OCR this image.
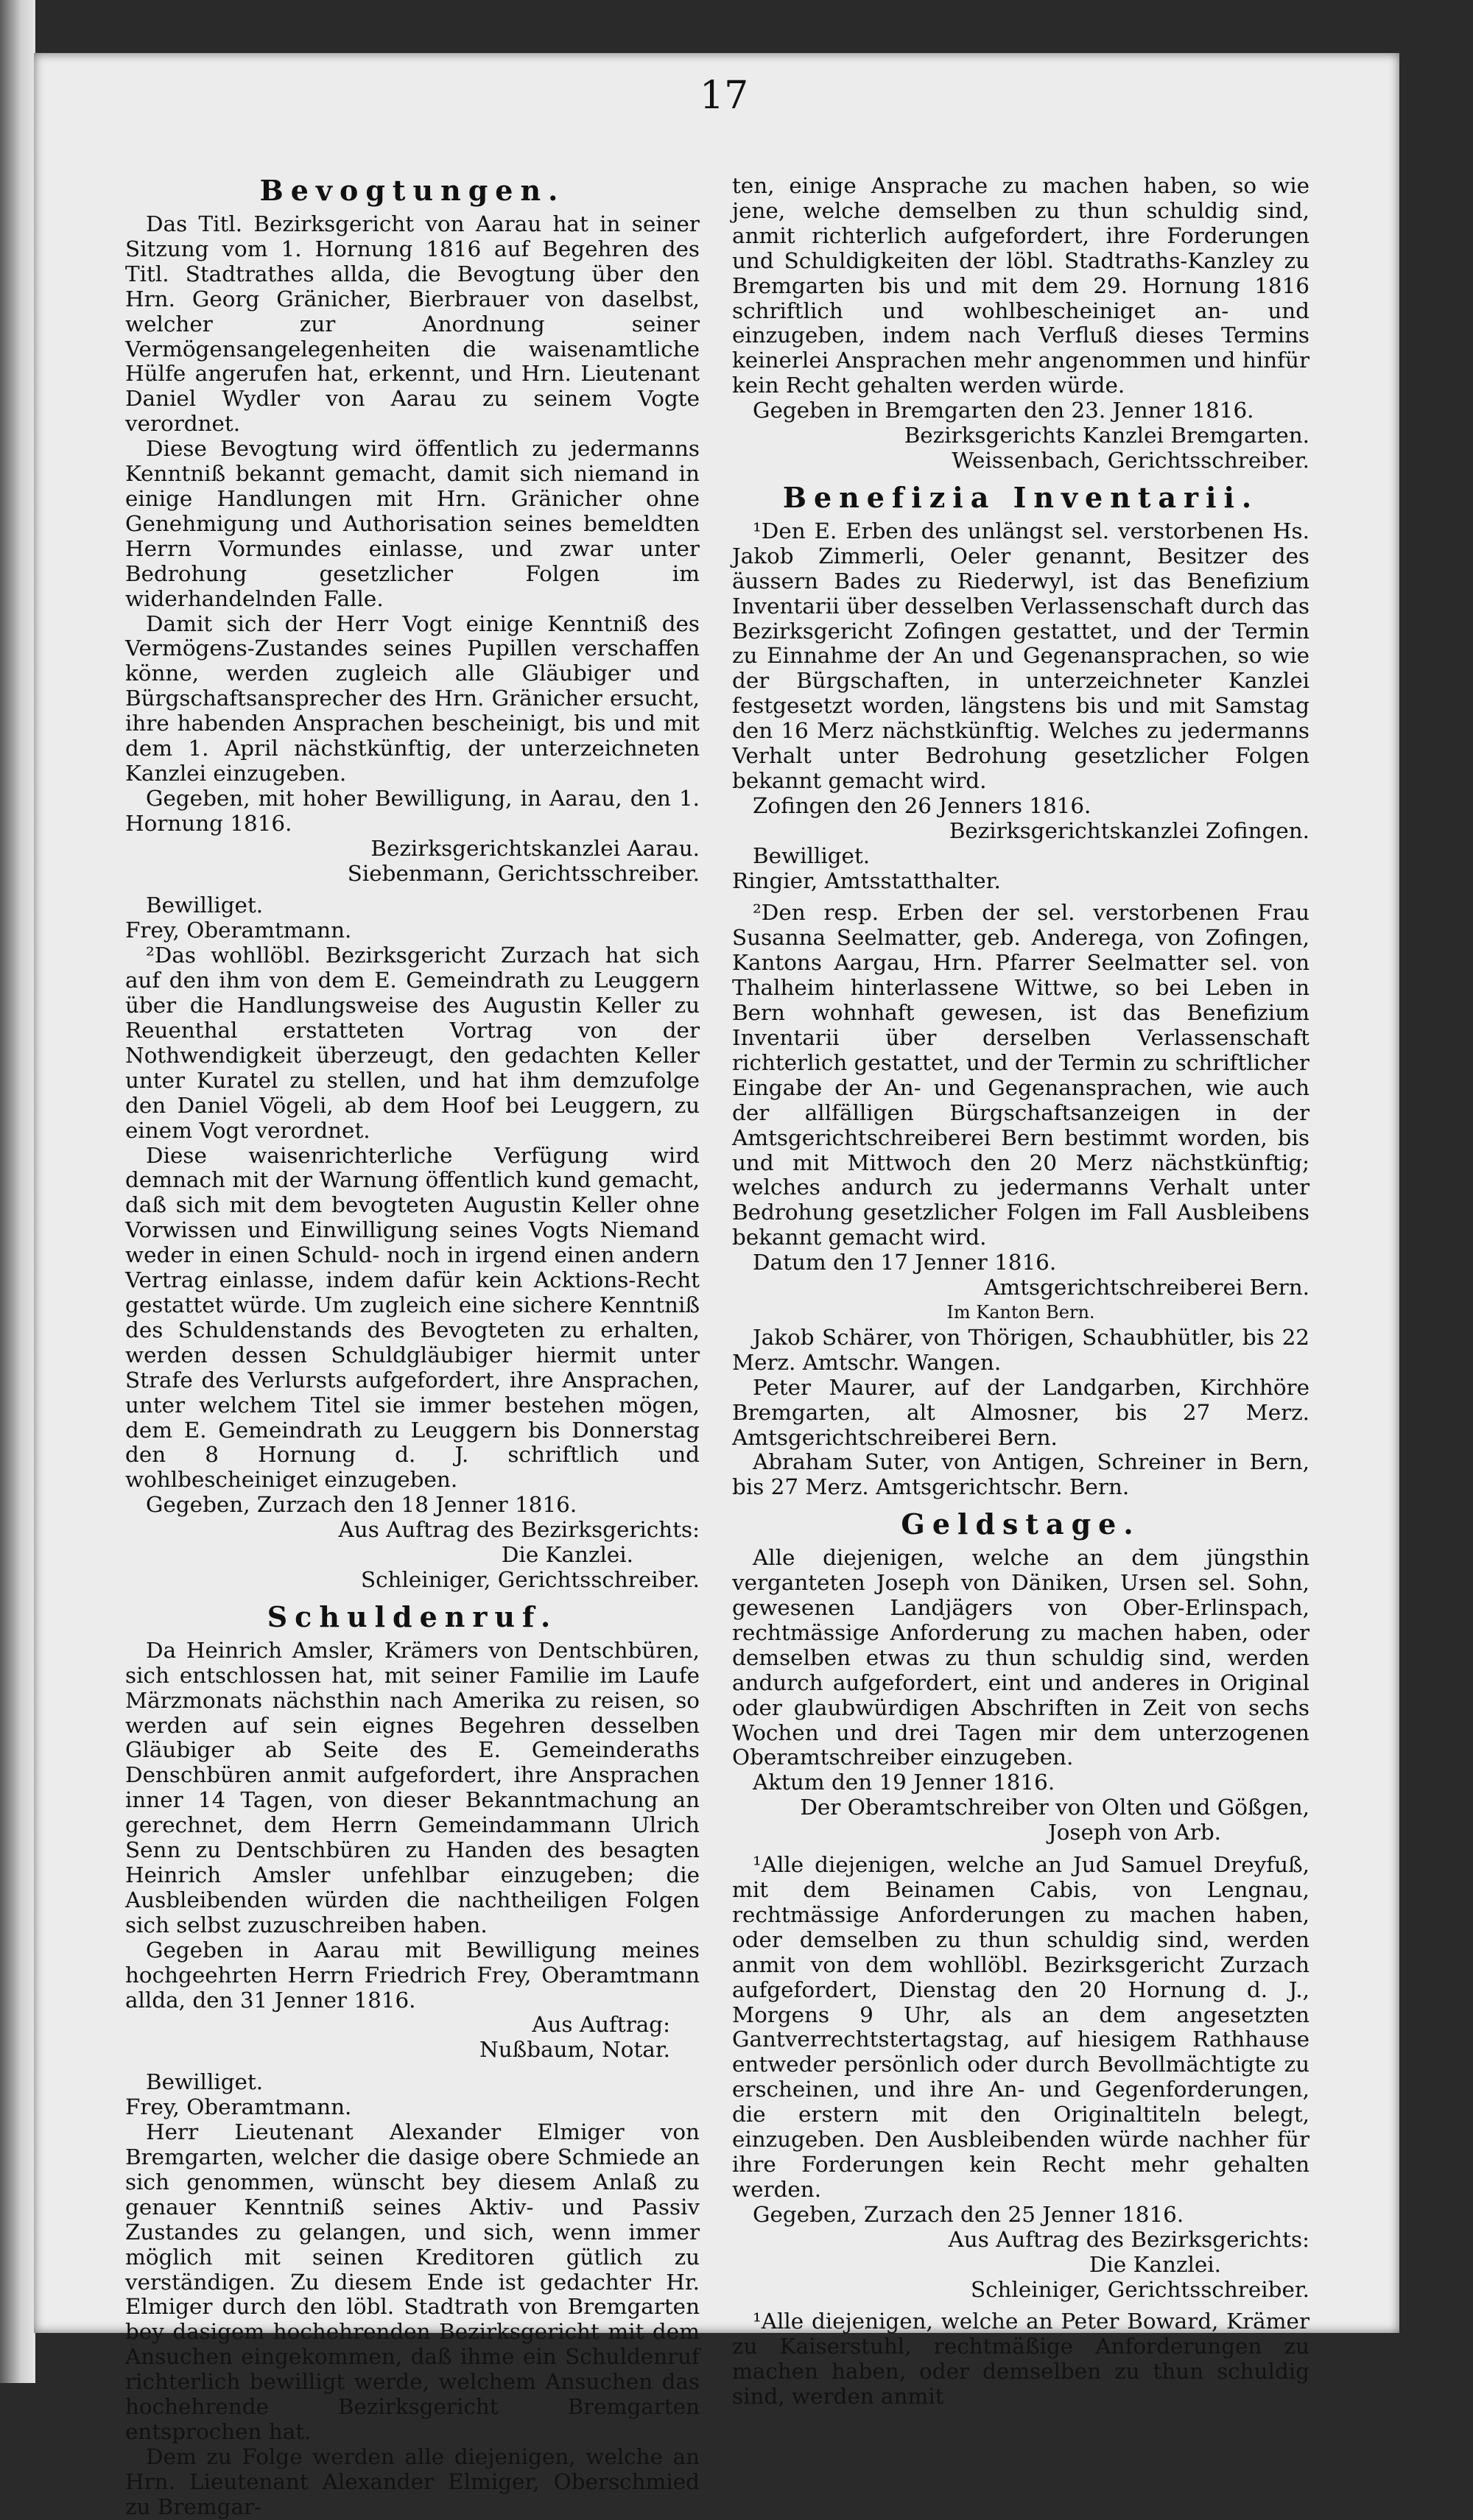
17
Bevogtungen.

Das Titl. Bezirksgericht von Aarau hat in seiner Sitzung vom 1. Hornung 1816 auf Begehren des Titl. Stadtrathes allda, die Bevogtung über den Hrn. Georg Gränicher, Bierbrauer von daselbst, welcher zur Anordnung seiner Vermögensangelegenheiten die waisenamtliche Hülfe angerufen hat, erkennt, und Hrn. Lieutenant Daniel Wydler von Aarau zu seinem Vogte verordnet.

Diese Bevogtung wird öffentlich zu jedermanns Kenntniß bekannt gemacht, damit sich niemand in einige Handlungen mit Hrn. Gränicher ohne Genehmigung und Authorisation seines bemeldten Herrn Vormundes einlasse, und zwar unter Bedrohung gesetzlicher Folgen im widerhandelnden Falle.

Damit sich der Herr Vogt einige Kenntniß des Vermögens-Zustandes seines Pupillen verschaffen könne, werden zugleich alle Gläubiger und Bürgschaftsansprecher des Hrn. Gränicher ersucht, ihre habenden Ansprachen bescheinigt, bis und mit dem 1. April nächstkünftig, der unterzeichneten Kanzlei einzugeben.

Gegeben, mit hoher Bewilligung, in Aarau, den 1. Hornung 1816.

Bezirksgerichtskanzlei Aarau.

Siebenmann, Gerichtsschreiber.

Bewilliget.

Frey, Oberamtmann.

²Das wohllöbl. Bezirksgericht Zurzach hat sich auf den ihm von dem E. Gemeindrath zu Leuggern über die Handlungsweise des Augustin Keller zu Reuenthal erstatteten Vortrag von der Nothwendigkeit überzeugt, den gedachten Keller unter Kuratel zu stellen, und hat ihm demzufolge den Daniel Vögeli, ab dem Hoof bei Leuggern, zu einem Vogt verordnet.

Diese waisenrichterliche Verfügung wird demnach mit der Warnung öffentlich kund gemacht, daß sich mit dem bevogteten Augustin Keller ohne Vorwissen und Einwilligung seines Vogts Niemand weder in einen Schuld- noch in irgend einen andern Vertrag einlasse, indem dafür kein Acktions-Recht gestattet würde. Um zugleich eine sichere Kenntniß des Schuldenstands des Bevogteten zu erhalten, werden dessen Schuldgläubiger hiermit unter Strafe des Verlursts aufgefordert, ihre Ansprachen, unter welchem Titel sie immer bestehen mögen, dem E. Gemeindrath zu Leuggern bis Donnerstag den 8 Hornung d. J. schriftlich und wohlbescheiniget einzugeben.

Gegeben, Zurzach den 18 Jenner 1816.

Aus Auftrag des Bezirksgerichts:

Die Kanzlei.

Schleiniger, Gerichtsschreiber.

Schuldenruf.

Da Heinrich Amsler, Krämers von Dentschbüren, sich entschlossen hat, mit seiner Familie im Laufe Märzmonats nächsthin nach Amerika zu reisen, so werden auf sein eignes Begehren desselben Gläubiger ab Seite des E. Gemeinderaths Denschbüren anmit aufgefordert, ihre Ansprachen inner 14 Tagen, von dieser Bekanntmachung an gerechnet, dem Herrn Gemeindammann Ulrich Senn zu Dentschbüren zu Handen des besagten Heinrich Amsler unfehlbar einzugeben; die Ausbleibenden würden die nachtheiligen Folgen sich selbst zuzuschreiben haben.

Gegeben in Aarau mit Bewilligung meines hochgeehrten Herrn Friedrich Frey, Oberamtmann allda, den 31 Jenner 1816.

Aus Auftrag:

Nußbaum, Notar.

Bewilliget.

Frey, Oberamtmann.

Herr Lieutenant Alexander Elmiger von Bremgarten, welcher die dasige obere Schmiede an sich genommen, wünscht bey diesem Anlaß zu genauer Kenntniß seines Aktiv- und Passiv Zustandes zu gelangen, und sich, wenn immer möglich mit seinen Kreditoren gütlich zu verständigen. Zu diesem Ende ist gedachter Hr. Elmiger durch den löbl. Stadtrath von Bremgarten bey dasigem hochehrenden Bezirksgericht mit dem Ansuchen eingekommen, daß ihme ein Schuldenruf richterlich bewilligt werde, welchem Ansuchen das hochehrende Bezirksgericht Bremgarten entsprochen hat.

Dem zu Folge werden alle diejenigen, welche an Hrn. Lieutenant Alexander Elmiger, Oberschmied zu Bremgar-

ten, einige Ansprache zu machen haben, so wie jene, welche demselben zu thun schuldig sind, anmit richterlich aufgefordert, ihre Forderungen und Schuldigkeiten der löbl. Stadtraths-Kanzley zu Bremgarten bis und mit dem 29. Hornung 1816 schriftlich und wohlbescheiniget an- und einzugeben, indem nach Verfluß dieses Termins keinerlei Ansprachen mehr angenommen und hinfür kein Recht gehalten werden würde.

Gegeben in Bremgarten den 23. Jenner 1816.

Bezirksgerichts Kanzlei Bremgarten.

Weissenbach, Gerichtsschreiber.

Benefizia Inventarii.

¹Den E. Erben des unlängst sel. verstorbenen Hs. Jakob Zimmerli, Oeler genannt, Besitzer des äussern Bades zu Riederwyl, ist das Benefizium Inventarii über desselben Verlassenschaft durch das Bezirksgericht Zofingen gestattet, und der Termin zu Einnahme der An und Gegenansprachen, so wie der Bürgschaften, in unterzeichneter Kanzlei festgesetzt worden, längstens bis und mit Samstag den 16 Merz nächstkünftig. Welches zu jedermanns Verhalt unter Bedrohung gesetzlicher Folgen bekannt gemacht wird.

Zofingen den 26 Jenners 1816.

Bezirksgerichtskanzlei Zofingen.

Bewilliget.

Ringier, Amtsstatthalter.

²Den resp. Erben der sel. verstorbenen Frau Susanna Seelmatter, geb. Anderega, von Zofingen, Kantons Aargau, Hrn. Pfarrer Seelmatter sel. von Thalheim hinterlassene Wittwe, so bei Leben in Bern wohnhaft gewesen, ist das Benefizium Inventarii über derselben Verlassenschaft richterlich gestattet, und der Termin zu schriftlicher Eingabe der An- und Gegenansprachen, wie auch der allfälligen Bürgschaftsanzeigen in der Amtsgerichtschreiberei Bern bestimmt worden, bis und mit Mittwoch den 20 Merz nächstkünftig; welches andurch zu jedermanns Verhalt unter Bedrohung gesetzlicher Folgen im Fall Ausbleibens bekannt gemacht wird.

Datum den 17 Jenner 1816.

Amtsgerichtschreiberei Bern.

Im Kanton Bern.

Jakob Schärer, von Thörigen, Schaubhütler, bis 22 Merz. Amtschr. Wangen.

Peter Maurer, auf der Landgarben, Kirchhöre Bremgarten, alt Almosner, bis 27 Merz. Amtsgerichtschreiberei Bern.

Abraham Suter, von Antigen, Schreiner in Bern, bis 27 Merz. Amtsgerichtschr. Bern.

Geldstage.

Alle diejenigen, welche an dem jüngsthin verganteten Joseph von Däniken, Ursen sel. Sohn, gewesenen Landjägers von Ober-Erlinspach, rechtmässige Anforderung zu machen haben, oder demselben etwas zu thun schuldig sind, werden andurch aufgefordert, eint und anderes in Original oder glaubwürdigen Abschriften in Zeit von sechs Wochen und drei Tagen mir dem unterzogenen Oberamtschreiber einzugeben.

Aktum den 19 Jenner 1816.

Der Oberamtschreiber von Olten und Gößgen,

Joseph von Arb.

¹Alle diejenigen, welche an Jud Samuel Dreyfuß, mit dem Beinamen Cabis, von Lengnau, rechtmässige Anforderungen zu machen haben, oder demselben zu thun schuldig sind, werden anmit von dem wohllöbl. Bezirksgericht Zurzach aufgefordert, Dienstag den 20 Hornung d. J., Morgens 9 Uhr, als an dem angesetzten Gantverrechtstertagstag, auf hiesigem Rathhause entweder persönlich oder durch Bevollmächtigte zu erscheinen, und ihre An- und Gegenforderungen, die erstern mit den Originaltiteln belegt, einzugeben. Den Ausbleibenden würde nachher für ihre Forderungen kein Recht mehr gehalten werden.

Gegeben, Zurzach den 25 Jenner 1816.

Aus Auftrag des Bezirksgerichts:

Die Kanzlei.

Schleiniger, Gerichtsschreiber.

¹Alle diejenigen, welche an Peter Boward, Krämer zu Kaiserstuhl, rechtmäßige Anforderungen zu machen haben, oder demselben zu thun schuldig sind, werden anmit
